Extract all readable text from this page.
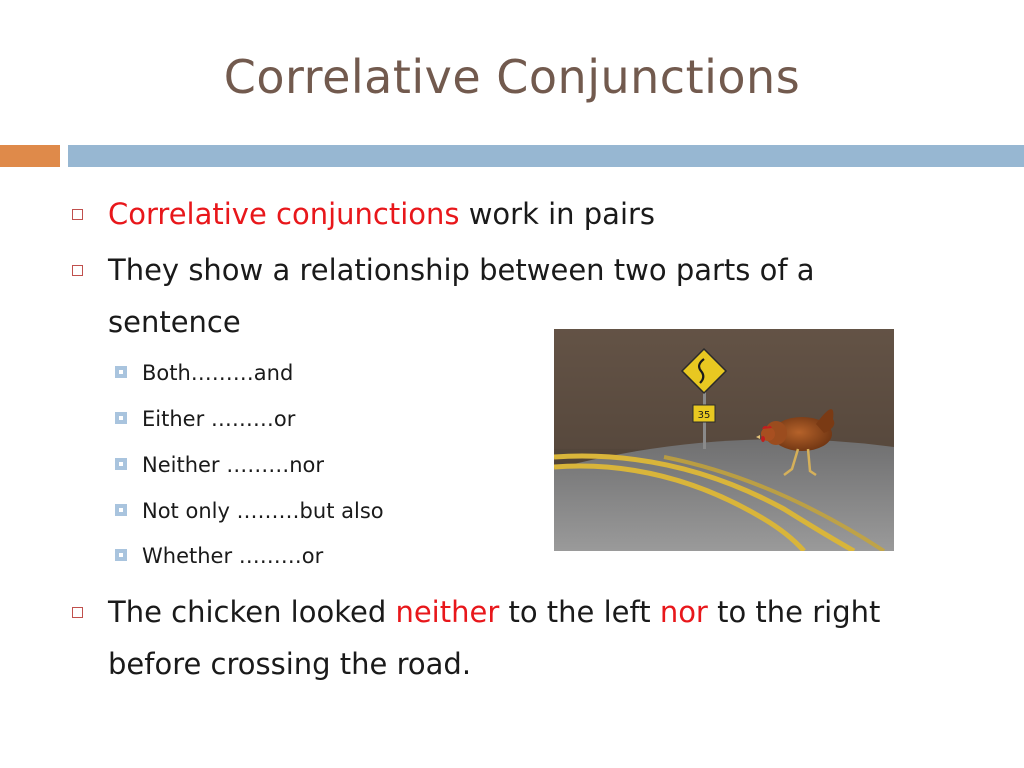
Correlative Conjunctions
Correlative conjunctions work in pairs
They show a relationship between two parts of a
sentence
Both………and
Either ………or
Neither ………nor
Not only ………but also
Whether ………or
The chicken looked neither to the left nor to the right
before crossing the road.
35
